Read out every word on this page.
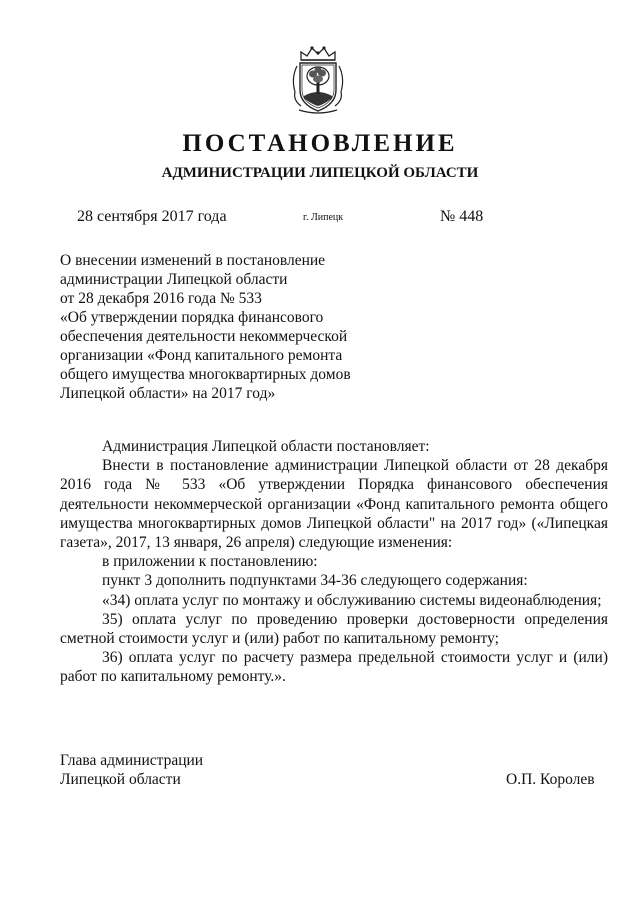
ПОСТАНОВЛЕНИЕ
АДМИНИСТРАЦИИ ЛИПЕЦКОЙ ОБЛАСТИ
28 сентября 2017 года	г. Липецк	№ 448
О внесении изменений в постановление
администрации Липецкой области
от 28 декабря 2016 года № 533
«Об утверждении порядка финансового
обеспечения деятельности некоммерческой
организации «Фонд капитального ремонта
общего имущества многоквартирных домов
Липецкой области» на 2017 год»

Администрация Липецкой области постановляет:

Внести в постановление администрации Липецкой области от 28 декабря 2016 года № 533 «Об утверждении Порядка финансового обеспечения деятельности некоммерческой организации «Фонд капитального ремонта общего имущества многоквартирных домов Липецкой области" на 2017 год» («Липецкая газета», 2017, 13 января, 26 апреля) следующие изменения:

в приложении к постановлению:

пункт 3 дополнить подпунктами 34-36 следующего содержания:

«34) оплата услуг по монтажу и обслуживанию системы видеонаблюдения;

35) оплата услуг по проведению проверки достоверности определения сметной стоимости услуг и (или) работ по капитальному ремонту;

36) оплата услуг по расчету размера предельной стоимости услуг и (или) работ по капитальному ремонту.».

Глава администрации
Липецкой области	О.П. Королев
